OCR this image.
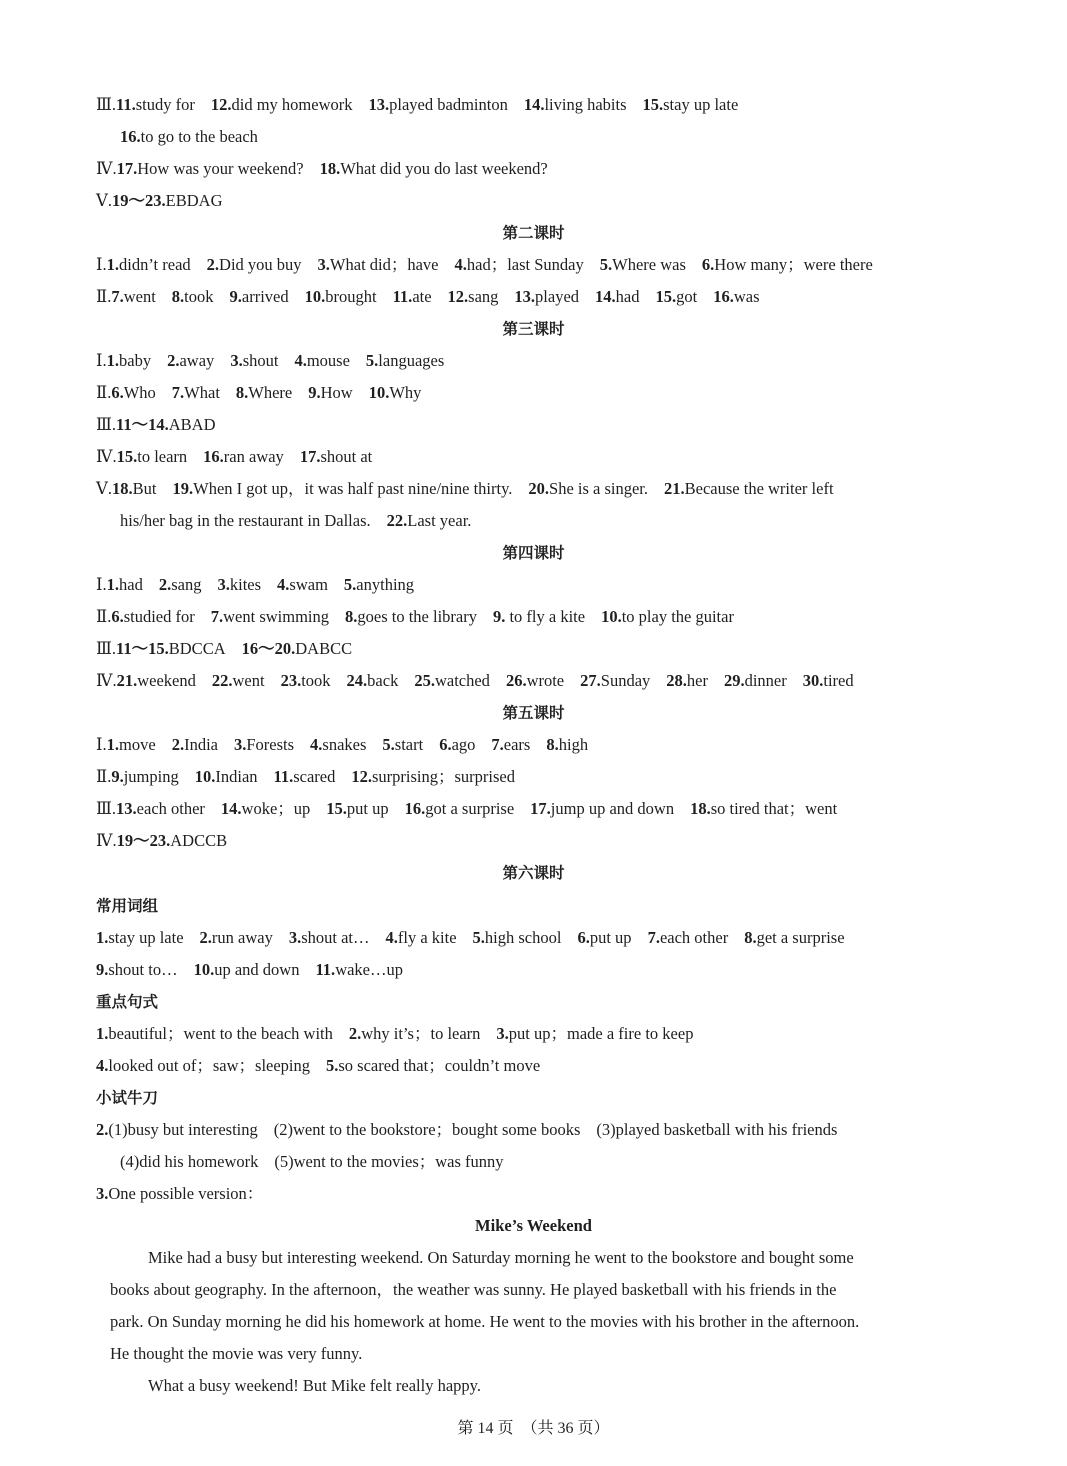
Ⅲ.11.study for 12.did my homework 13.played badminton 14.living habits 15.stay up late
16.to go to the beach
Ⅳ.17.How was your weekend? 18.What did you do last weekend?
Ⅴ.19～23.EBDAG
Ⅰ.1.didn’t read 2.Did you buy 3.What did；have 4.had；last Sunday 5.Where was 6.How many；were there
Ⅱ.7.went 8.took 9.arrived 10.brought 11.ate 12.sang 13.played 14.had 15.got 16.was
Ⅰ.1.baby 2.away 3.shout 4.mouse 5.languages
Ⅱ.6.Who 7.What 8.Where 9.How 10.Why
Ⅲ.11～14.ABAD
Ⅳ.15.to learn 16.ran away 17.shout at
Ⅴ.18.But 19.When I got up，it was half past nine/nine thirty. 20.She is a singer. 21.Because the writer left
his/her bag in the restaurant in Dallas. 22.Last year.
Ⅰ.1.had 2.sang 3.kites 4.swam 5.anything
Ⅱ.6.studied for 7.went swimming 8.goes to the library 9. to fly a kite 10.to play the guitar
Ⅲ.11～15.BDCCA 16～20.DABCC
Ⅳ.21.weekend 22.went 23.took 24.back 25.watched 26.wrote 27.Sunday 28.her 29.dinner 30.tired
Ⅰ.1.move 2.India 3.Forests 4.snakes 5.start 6.ago 7.ears 8.high
Ⅱ.9.jumping 10.Indian 11.scared 12.surprising；surprised
Ⅲ.13.each other 14.woke；up 15.put up 16.got a surprise 17.jump up and down 18.so tired that；went
Ⅳ.19～23.ADCCB
1.stay up late 2.run away 3.shout at… 4.fly a kite 5.high school 6.put up 7.each other 8.get a surprise
9.shout to… 10.up and down 11.wake…up
1.beautiful；went to the beach with 2.why it’s；to learn 3.put up；made a fire to keep
4.looked out of；saw；sleeping 5.so scared that；couldn’t move
2.(1)busy but interesting (2)went to the bookstore；bought some books (3)played basketball with his friends
(4)did his homework (5)went to the movies；was funny
3.One possible version：
第二课时
第三课时
第四课时
第五课时
第六课时
常用词组
重点句式
小试牛刀
Mike’s Weekend
Mike had a busy but interesting weekend. On Saturday morning he went to the bookstore and bought some
books about geography. In the afternoon，the weather was sunny. He played basketball with his friends in the
park. On Sunday morning he did his homework at home. He went to the movies with his brother in the afternoon.
He thought the movie was very funny.
What a busy weekend! But Mike felt really happy.
第 14 页　（共 36 页）
